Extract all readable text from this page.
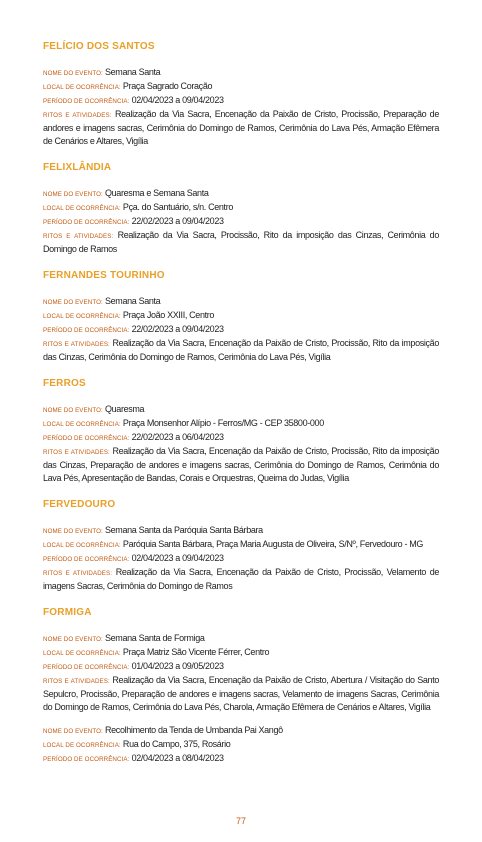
FELÍCIO DOS SANTOS
NOME DO EVENTO: Semana Santa
LOCAL DE OCORRÊNCIA: Praça Sagrado Coração
PERÍODO DE OCORRÊNCIA: 02/04/2023 a 09/04/2023
RITOS E ATIVIDADES: Realização da Via Sacra, Encenação da Paixão de Cristo, Procissão, Preparação de andores e imagens sacras, Cerimônia do Domingo de Ramos, Cerimônia do Lava Pés, Armação Efêmera de Cenários e Altares, Vigília
FELIXLÂNDIA
NOME DO EVENTO: Quaresma e Semana Santa
LOCAL DE OCORRÊNCIA: Pça. do Santuário, s/n. Centro
PERÍODO DE OCORRÊNCIA: 22/02/2023 a 09/04/2023
RITOS E ATIVIDADES: Realização da Via Sacra, Procissão, Rito da imposição das Cinzas, Cerimônia do Domingo de Ramos
FERNANDES TOURINHO
NOME DO EVENTO: Semana Santa
LOCAL DE OCORRÊNCIA: Praça João XXIII, Centro
PERÍODO DE OCORRÊNCIA: 22/02/2023 a 09/04/2023
RITOS E ATIVIDADES: Realização da Via Sacra, Encenação da Paixão de Cristo, Procissão, Rito da imposição das Cinzas, Cerimônia do Domingo de Ramos, Cerimônia do Lava Pés, Vigília
FERROS
NOME DO EVENTO: Quaresma
LOCAL DE OCORRÊNCIA: Praça Monsenhor Alípio - Ferros/MG - CEP 35800-000
PERÍODO DE OCORRÊNCIA: 22/02/2023 a 06/04/2023
RITOS E ATIVIDADES: Realização da Via Sacra, Encenação da Paixão de Cristo, Procissão, Rito da imposição das Cinzas, Preparação de andores e imagens sacras, Cerimônia do Domingo de Ramos, Cerimônia do Lava Pés, Apresentação de Bandas, Corais e Orquestras, Queima do Judas, Vigília
FERVEDOURO
NOME DO EVENTO: Semana Santa da Paróquia Santa Bárbara
LOCAL DE OCORRÊNCIA: Paróquia Santa Bárbara, Praça Maria Augusta de Oliveira, S/Nº, Fervedouro - MG
PERÍODO DE OCORRÊNCIA: 02/04/2023 a 09/04/2023
RITOS E ATIVIDADES: Realização da Via Sacra, Encenação da Paixão de Cristo, Procissão, Velamento de imagens Sacras, Cerimônia do Domingo de Ramos
FORMIGA
NOME DO EVENTO: Semana Santa de Formiga
LOCAL DE OCORRÊNCIA: Praça Matriz São Vicente Férrer, Centro
PERÍODO DE OCORRÊNCIA: 01/04/2023 a 09/05/2023
RITOS E ATIVIDADES: Realização da Via Sacra, Encenação da Paixão de Cristo, Abertura / Visitação do Santo Sepulcro, Procissão, Preparação de andores e imagens sacras, Velamento de imagens Sacras, Cerimônia do Domingo de Ramos, Cerimônia do Lava Pés, Charola, Armação Efêmera de Cenários e Altares, Vigília
NOME DO EVENTO: Recolhimento da Tenda de Umbanda Pai Xangô
LOCAL DE OCORRÊNCIA: Rua do Campo, 375, Rosário
PERÍODO DE OCORRÊNCIA: 02/04/2023 a 08/04/2023
77
